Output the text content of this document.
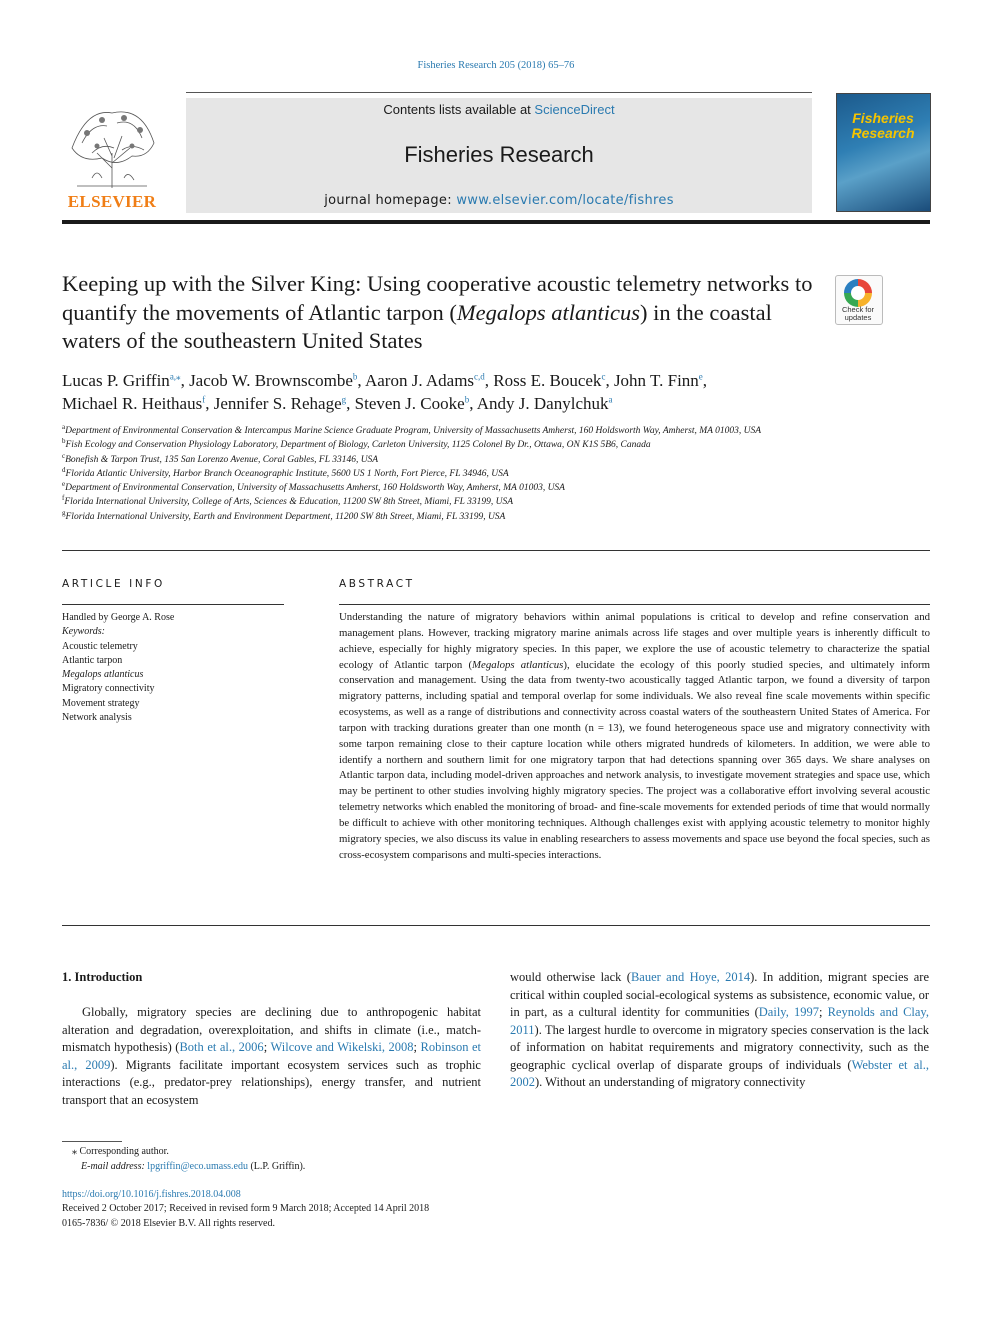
Fisheries Research 205 (2018) 65–76
ELSEVIER
Contents lists available at ScienceDirect
Fisheries Research
journal homepage: www.elsevier.com/locate/fishres
Fisheries Research
Keeping up with the Silver King: Using cooperative acoustic telemetry networks to quantify the movements of Atlantic tarpon (Megalops atlanticus) in the coastal waters of the southeastern United States
Check for updates
Lucas P. Griffin$^{a,⁎}$, Jacob W. Brownscombe$^b$, Aaron J. Adams$^{c,d}$, Ross E. Boucek$^c$, John T. Finn$^e$,
Michael R. Heithaus$^f$, Jennifer S. Rehage$^g$, Steven J. Cooke$^b$, Andy J. Danylchuk$^a$
$^a$Department of Environmental Conservation & Intercampus Marine Science Graduate Program, University of Massachusetts Amherst, 160 Holdsworth Way, Amherst, MA 01003, USA
$^b$Fish Ecology and Conservation Physiology Laboratory, Department of Biology, Carleton University, 1125 Colonel By Dr., Ottawa, ON K1S 5B6, Canada
$^c$Bonefish & Tarpon Trust, 135 San Lorenzo Avenue, Coral Gables, FL 33146, USA
$^d$Florida Atlantic University, Harbor Branch Oceanographic Institute, 5600 US 1 North, Fort Pierce, FL 34946, USA
$^e$Department of Environmental Conservation, University of Massachusetts Amherst, 160 Holdsworth Way, Amherst, MA 01003, USA
$^f$Florida International University, College of Arts, Sciences & Education, 11200 SW 8th Street, Miami, FL 33199, USA
$^g$Florida International University, Earth and Environment Department, 11200 SW 8th Street, Miami, FL 33199, USA
ARTICLE INFO
Handled by George A. Rose
Keywords:
Acoustic telemetry
Atlantic tarpon
Megalops atlanticus
Migratory connectivity
Movement strategy
Network analysis
ABSTRACT
Understanding the nature of migratory behaviors within animal populations is critical to develop and refine conservation and management plans. However, tracking migratory marine animals across life stages and over multiple years is inherently difficult to achieve, especially for highly migratory species. In this paper, we explore the use of acoustic telemetry to characterize the spatial ecology of Atlantic tarpon (Megalops atlanticus), elucidate the ecology of this poorly studied species, and ultimately inform conservation and management. Using the data from twenty-two acoustically tagged Atlantic tarpon, we found a diversity of tarpon migratory patterns, including spatial and temporal overlap for some individuals. We also reveal fine scale movements within specific ecosystems, as well as a range of distributions and connectivity across coastal waters of the southeastern United States of America. For tarpon with tracking durations greater than one month (n = 13), we found heterogeneous space use and migratory connectivity with some tarpon remaining close to their capture location while others migrated hundreds of kilometers. In addition, we were able to identify a northern and southern limit for one migratory tarpon that had detections spanning over 365 days. We share analyses on Atlantic tarpon data, including model-driven approaches and network analysis, to investigate movement strategies and space use, which may be pertinent to other studies involving highly migratory species. The project was a collaborative effort involving several acoustic telemetry networks which enabled the monitoring of broad- and fine-scale movements for extended periods of time that would normally be difficult to achieve with other monitoring techniques. Although challenges exist with applying acoustic telemetry to monitor highly migratory species, we also discuss its value in enabling researchers to assess movements and space use beyond the focal species, such as cross-ecosystem comparisons and multi-species interactions.
1. Introduction
Globally, migratory species are declining due to anthropogenic habitat alteration and degradation, overexploitation, and shifts in climate (i.e., match-mismatch hypothesis) (Both et al., 2006; Wilcove and Wikelski, 2008; Robinson et al., 2009). Migrants facilitate important ecosystem services such as trophic interactions (e.g., predator-prey relationships), energy transfer, and nutrient transport that an ecosystem
would otherwise lack (Bauer and Hoye, 2014). In addition, migrant species are critical within coupled social-ecological systems as subsistence, economic value, or in part, as a cultural identity for communities (Daily, 1997; Reynolds and Clay, 2011). The largest hurdle to overcome in migratory species conservation is the lack of information on habitat requirements and migratory connectivity, such as the geographic cyclical overlap of disparate groups of individuals (Webster et al., 2002). Without an understanding of migratory connectivity
⁎ Corresponding author.
E-mail address: lpgriffin@eco.umass.edu (L.P. Griffin).
https://doi.org/10.1016/j.fishres.2018.04.008
Received 2 October 2017; Received in revised form 9 March 2018; Accepted 14 April 2018
0165-7836/ © 2018 Elsevier B.V. All rights reserved.
